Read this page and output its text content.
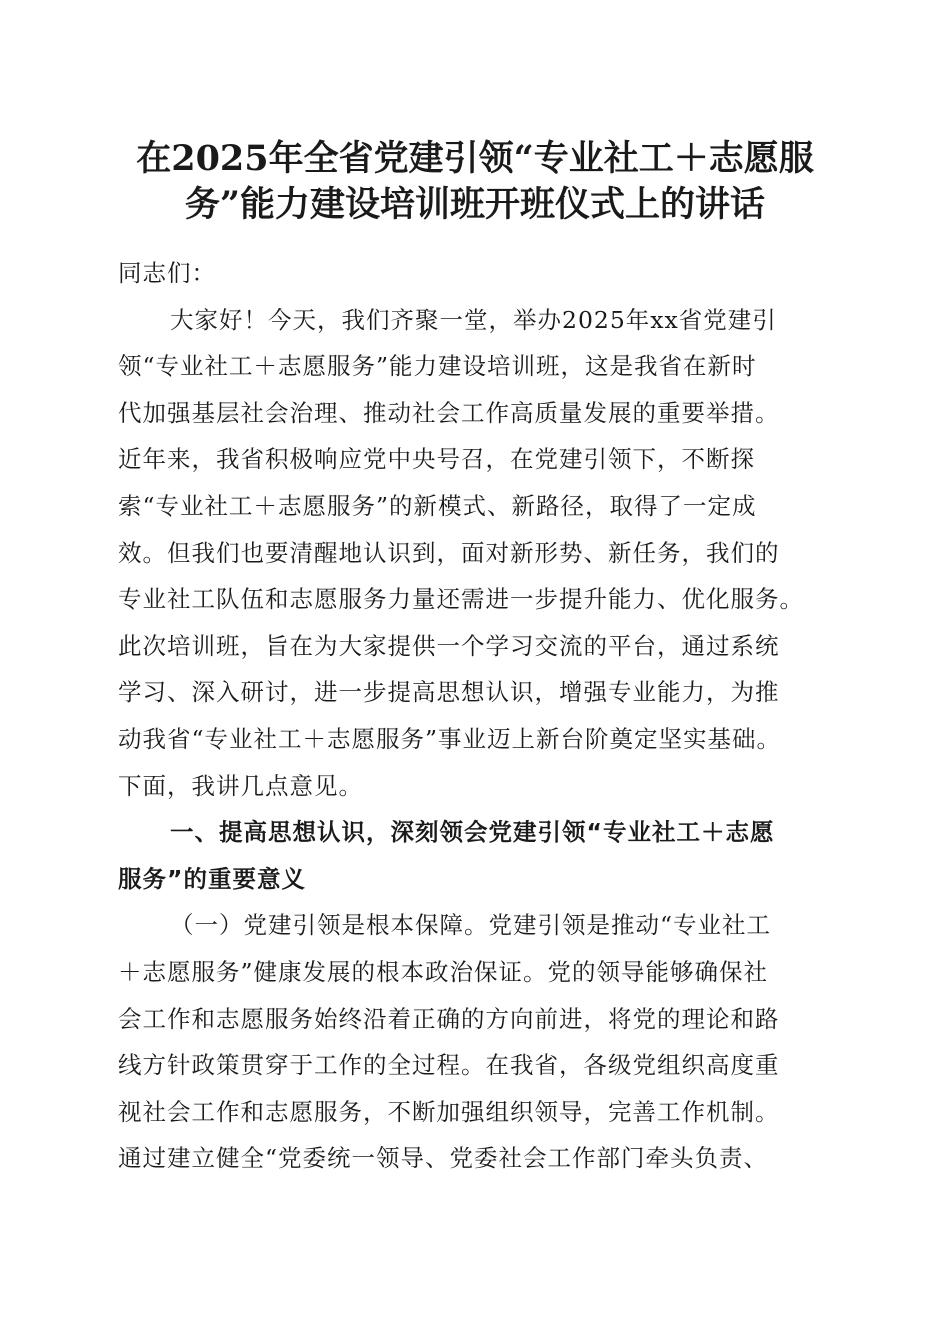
在2025年全省党建引领“专业社工＋志愿服
务”能力建设培训班开班仪式上的讲话
同志们：
大家好！今天，我们齐聚一堂，举办2025年xx省党建引
领“专业社工＋志愿服务”能力建设培训班，这是我省在新时
代加强基层社会治理、推动社会工作高质量发展的重要举措。
近年来，我省积极响应党中央号召，在党建引领下，不断探
索“专业社工＋志愿服务”的新模式、新路径，取得了一定成
效。但我们也要清醒地认识到，面对新形势、新任务，我们的
专业社工队伍和志愿服务力量还需进一步提升能力、优化服务。
此次培训班，旨在为大家提供一个学习交流的平台，通过系统
学习、深入研讨，进一步提高思想认识，增强专业能力，为推
动我省“专业社工＋志愿服务”事业迈上新台阶奠定坚实基础。
下面，我讲几点意见。
一、提高思想认识，深刻领会党建引领“专业社工＋志愿
服务”的重要意义
（一）党建引领是根本保障。党建引领是推动“专业社工
＋志愿服务”健康发展的根本政治保证。党的领导能够确保社
会工作和志愿服务始终沿着正确的方向前进，将党的理论和路
线方针政策贯穿于工作的全过程。在我省，各级党组织高度重
视社会工作和志愿服务，不断加强组织领导，完善工作机制。
通过建立健全“党委统一领导、党委社会工作部门牵头负责、
